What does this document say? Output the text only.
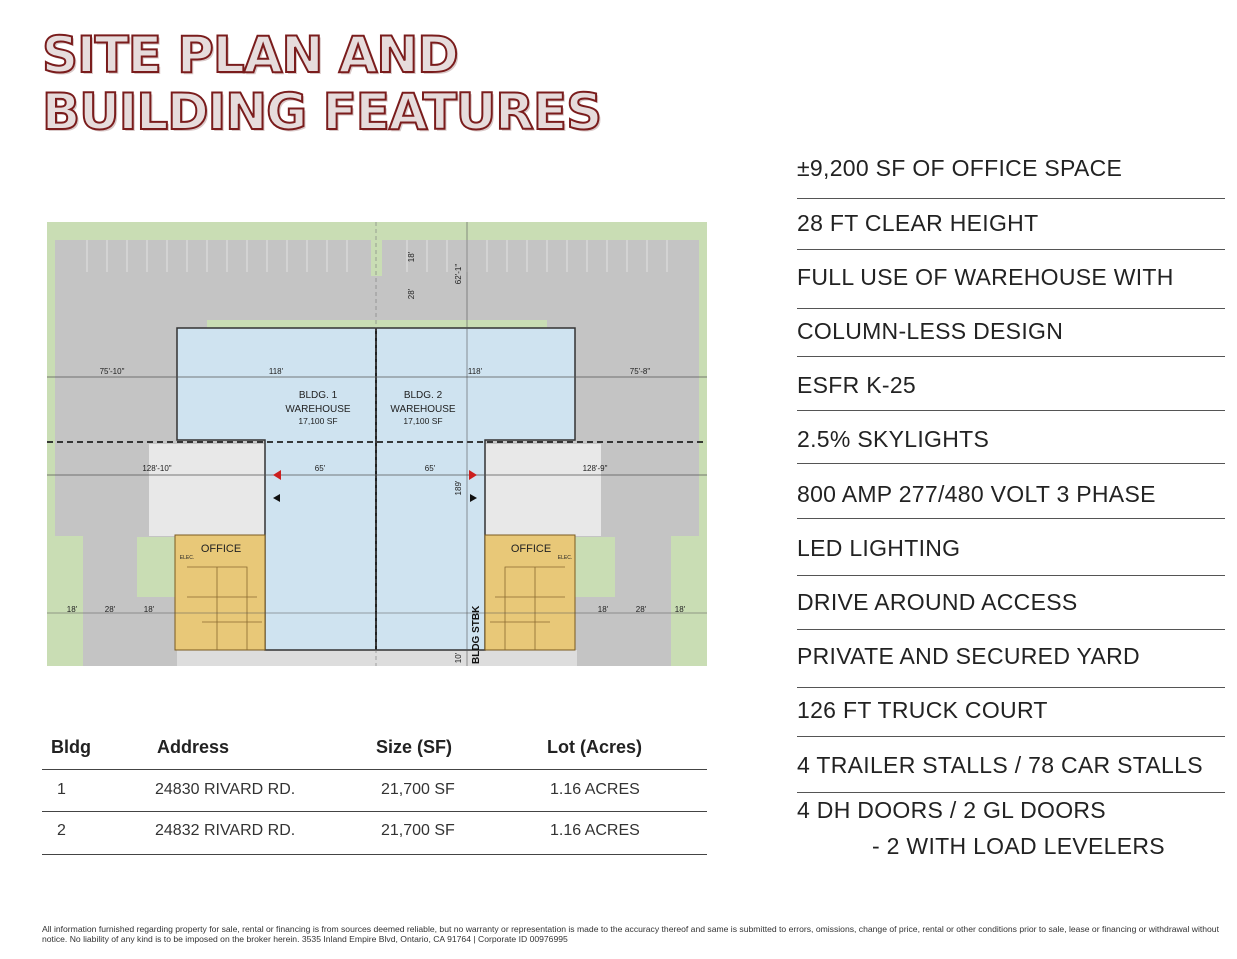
SITE PLAN AND
BUILDING FEATURES
75'-10"	118'	118'	75'-8"
128'-10"	65'	65'	128'-9"
18'	28'	18'	18'	28'	18'
18'
28'
62'-1"
189'
10' BLDG STBK
ELEC.	ELEC.
BLDG. 1
WAREHOUSE
17,100 SF
BLDG. 2
WAREHOUSE
17,100 SF
OFFICE	OFFICE
Bldg	Address	Size (SF)	Lot (Acres)
1	24830 RIVARD RD.	21,700 SF	1.16 ACRES
2	24832 RIVARD RD.	21,700 SF	1.16 ACRES
±9,200 SF OF OFFICE SPACE
28 FT CLEAR HEIGHT
FULL USE OF WAREHOUSE WITH
COLUMN-LESS DESIGN
ESFR K-25
2.5% SKYLIGHTS
800 AMP 277/480 VOLT 3 PHASE
LED LIGHTING
DRIVE AROUND ACCESS
PRIVATE AND SECURED YARD
126 FT TRUCK COURT
4 TRAILER STALLS / 78 CAR STALLS
4 DH DOORS / 2 GL DOORS
- 2 WITH LOAD LEVELERS
All information furnished regarding property for sale, rental or financing is from sources deemed reliable, but no warranty or representation is made to the accuracy thereof and same is submitted to errors, omissions, change of price, rental or other conditions prior to sale, lease or financing or withdrawal without notice. No liability of any kind is to be imposed on the broker herein. 3535 Inland Empire Blvd, Ontario, CA 91764 | Corporate ID 00976995
